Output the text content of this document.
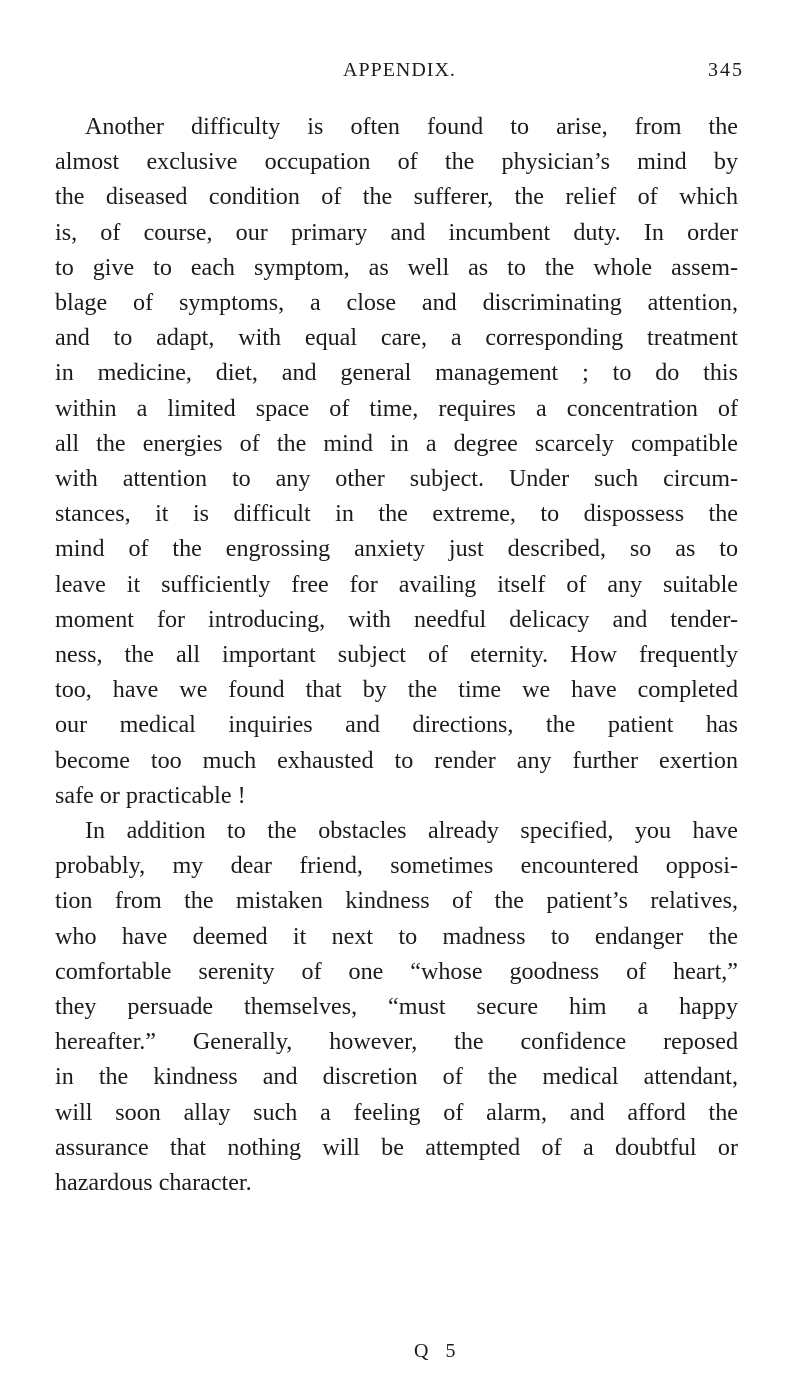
APPENDIX.	345
Another difficulty is often found to arise, from the
almost exclusive occupation of the physician’s mind by
the diseased condition of the sufferer, the relief of which
is, of course, our primary and incumbent duty. In order
to give to each symptom, as well as to the whole assem-
blage of symptoms, a close and discriminating attention,
and to adapt, with equal care, a corresponding treatment
in medicine, diet, and general management ; to do this
within a limited space of time, requires a concentration of
all the energies of the mind in a degree scarcely compatible
with attention to any other subject. Under such circum-
stances, it is difficult in the extreme, to dispossess the
mind of the engrossing anxiety just described, so as to
leave it sufficiently free for availing itself of any suitable
moment for introducing, with needful delicacy and tender-
ness, the all important subject of eternity. How frequently
too, have we found that by the time we have completed
our medical inquiries and directions, the patient has
become too much exhausted to render any further exertion
safe or practicable !
In addition to the obstacles already specified, you have
probably, my dear friend, sometimes encountered opposi-
tion from the mistaken kindness of the patient’s relatives,
who have deemed it next to madness to endanger the
comfortable serenity of one “whose goodness of heart,”
they persuade themselves, “must secure him a happy
hereafter.” Generally, however, the confidence reposed
in the kindness and discretion of the medical attendant,
will soon allay such a feeling of alarm, and afford the
assurance that nothing will be attempted of a doubtful or
hazardous character.
Q 5
